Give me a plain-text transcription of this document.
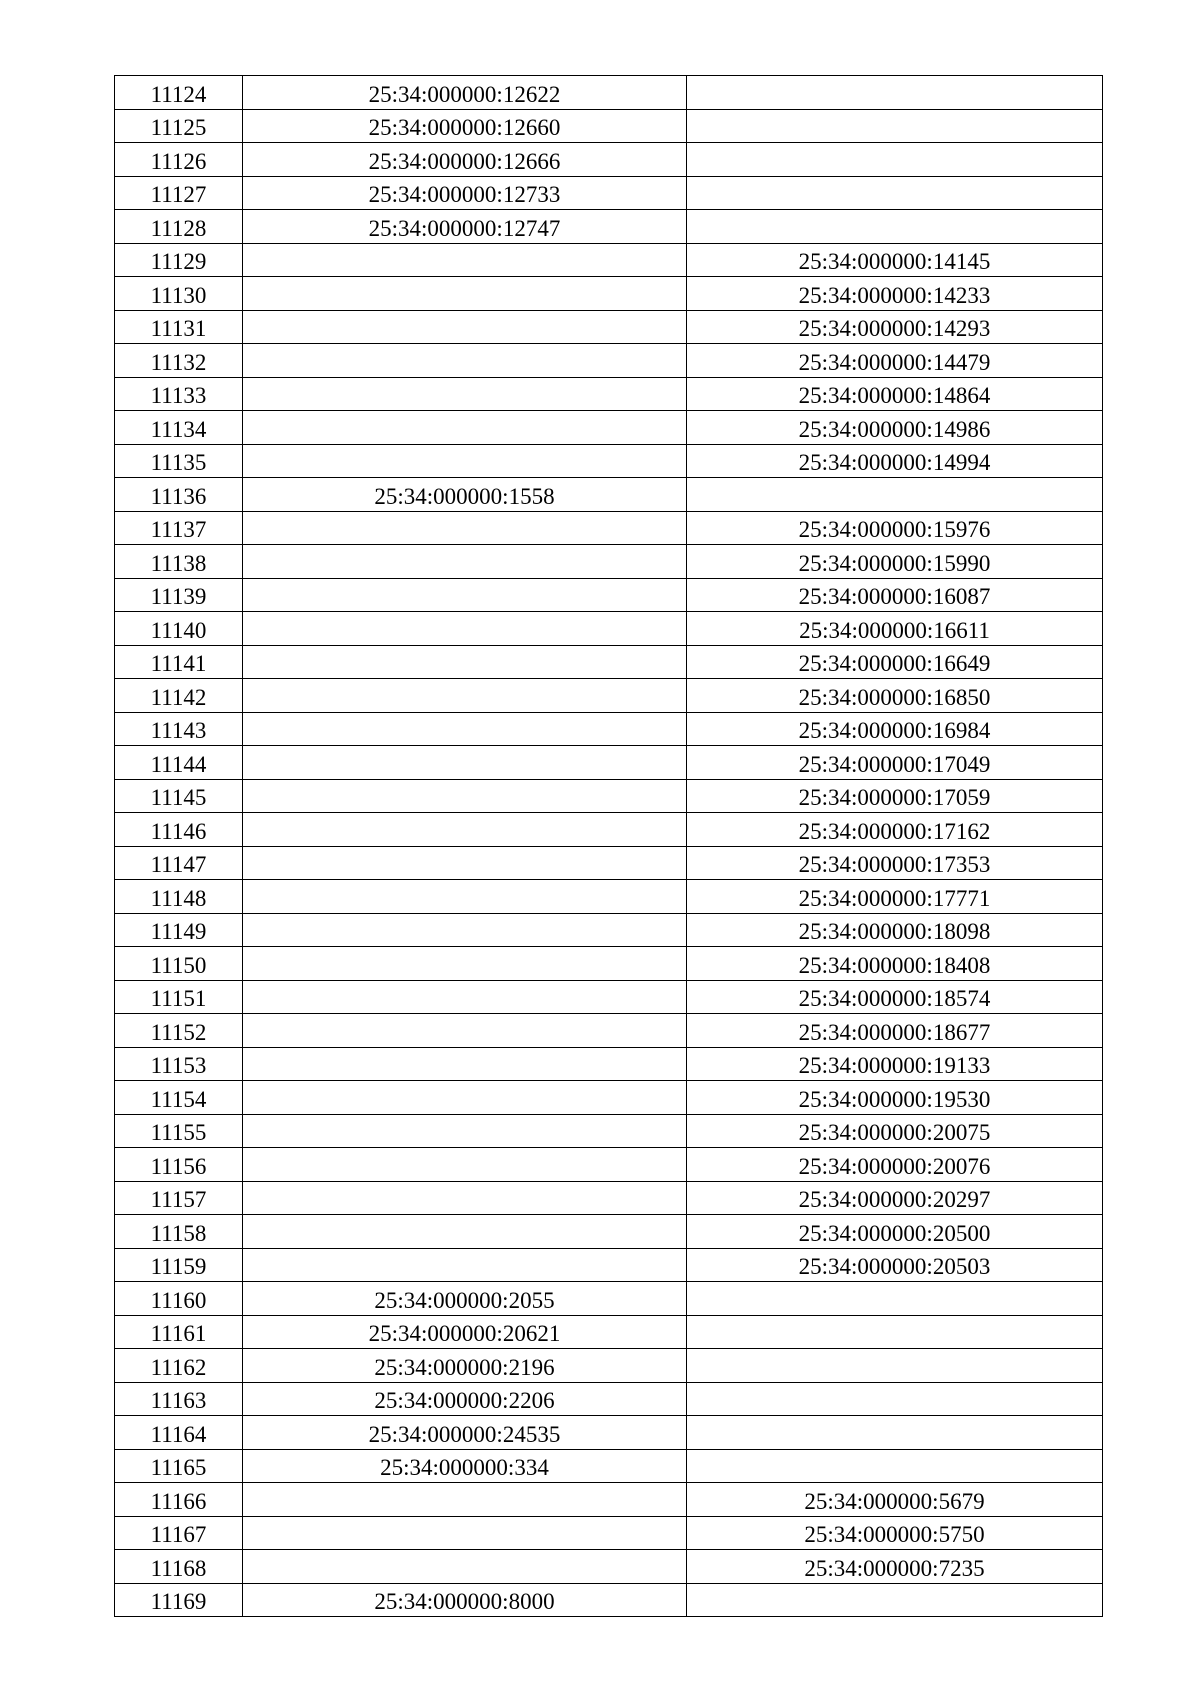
11124	25:34:000000:12622	
11125	25:34:000000:12660	
11126	25:34:000000:12666	
11127	25:34:000000:12733	
11128	25:34:000000:12747	
11129		25:34:000000:14145
11130		25:34:000000:14233
11131		25:34:000000:14293
11132		25:34:000000:14479
11133		25:34:000000:14864
11134		25:34:000000:14986
11135		25:34:000000:14994
11136	25:34:000000:1558	
11137		25:34:000000:15976
11138		25:34:000000:15990
11139		25:34:000000:16087
11140		25:34:000000:16611
11141		25:34:000000:16649
11142		25:34:000000:16850
11143		25:34:000000:16984
11144		25:34:000000:17049
11145		25:34:000000:17059
11146		25:34:000000:17162
11147		25:34:000000:17353
11148		25:34:000000:17771
11149		25:34:000000:18098
11150		25:34:000000:18408
11151		25:34:000000:18574
11152		25:34:000000:18677
11153		25:34:000000:19133
11154		25:34:000000:19530
11155		25:34:000000:20075
11156		25:34:000000:20076
11157		25:34:000000:20297
11158		25:34:000000:20500
11159		25:34:000000:20503
11160	25:34:000000:2055	
11161	25:34:000000:20621	
11162	25:34:000000:2196	
11163	25:34:000000:2206	
11164	25:34:000000:24535	
11165	25:34:000000:334	
11166		25:34:000000:5679
11167		25:34:000000:5750
11168		25:34:000000:7235
11169	25:34:000000:8000	
